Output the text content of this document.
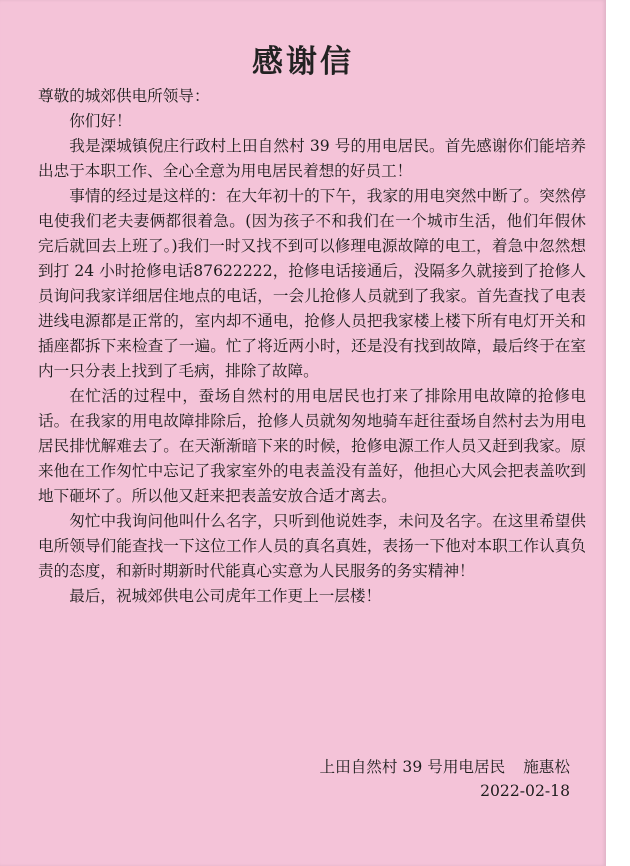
感谢信

尊敬的城郊供电所领导：

你们好！

我是溧城镇倪庄行政村上田自然村 39 号的用电居民。首先感谢你们能培养出忠于本职工作、全心全意为用电居民着想的好员工！

事情的经过是这样的：在大年初十的下午，我家的用电突然中断了。突然停电使我们老夫妻俩都很着急。(因为孩子不和我们在一个城市生活，他们年假休完后就回去上班了。)我们一时又找不到可以修理电源故障的电工，着急中忽然想到打 24 小时抢修电话87622222，抢修电话接通后，没隔多久就接到了抢修人员询问我家详细居住地点的电话，一会儿抢修人员就到了我家。首先查找了电表进线电源都是正常的，室内却不通电，抢修人员把我家楼上楼下所有电灯开关和插座都拆下来检查了一遍。忙了将近两小时，还是没有找到故障，最后终于在室内一只分表上找到了毛病，排除了故障。

在忙活的过程中，蚕场自然村的用电居民也打来了排除用电故障的抢修电话。在我家的用电故障排除后，抢修人员就匆匆地骑车赶往蚕场自然村去为用电居民排忧解难去了。在天渐渐暗下来的时候，抢修电源工作人员又赶到我家。原来他在工作匆忙中忘记了我家室外的电表盖没有盖好，他担心大风会把表盖吹到地下砸坏了。所以他又赶来把表盖安放合适才离去。

匆忙中我询问他叫什么名字，只听到他说姓李，未问及名字。在这里希望供电所领导们能查找一下这位工作人员的真名真姓，表扬一下他对本职工作认真负责的态度，和新时期新时代能真心实意为人民服务的务实精神！

最后，祝城郊供电公司虎年工作更上一层楼！

上田自然村 39 号用电居民 施惠松
2022-02-18
